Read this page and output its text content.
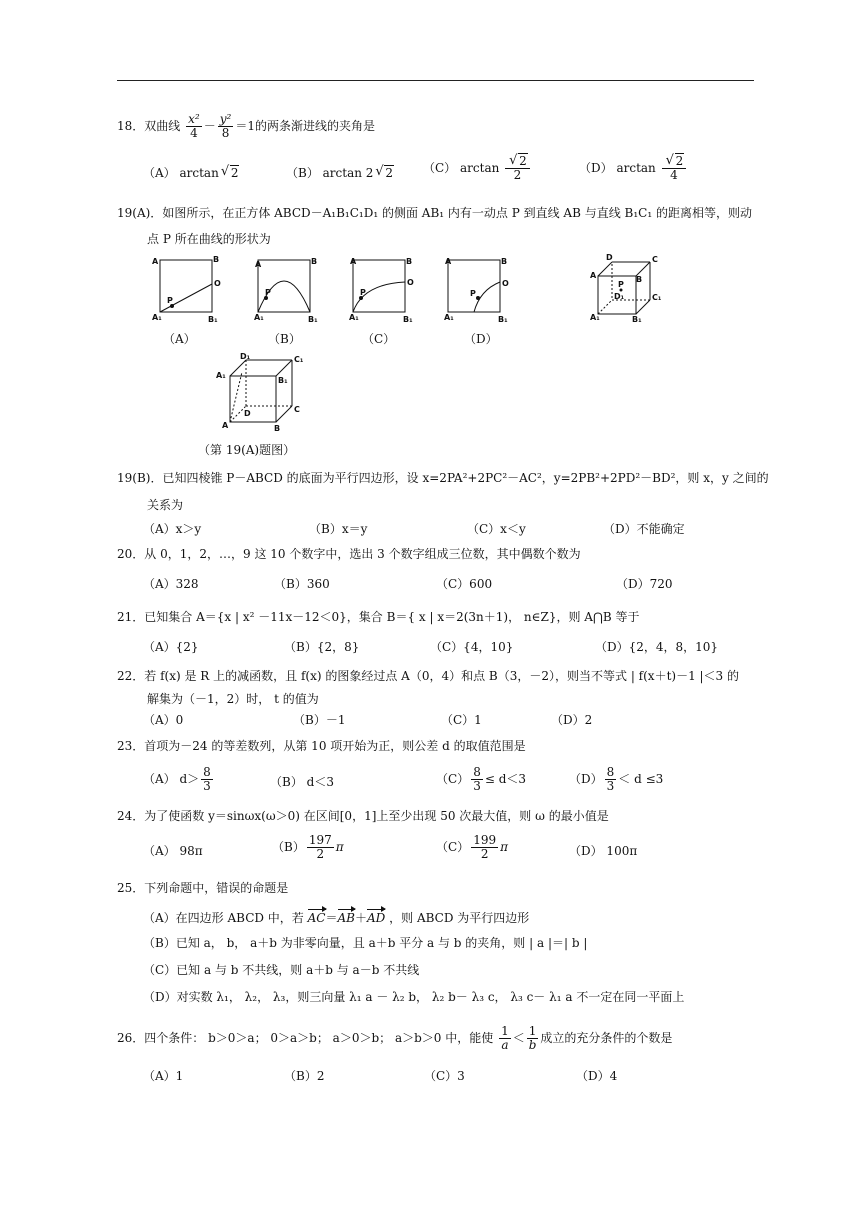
18．双曲线 $\frac{\text{x²}}{4} - \frac{\text{y²}}{8} =1$的两条渐进线的夹角是
（A） arctan √ 2	（B） arctan 2 √ 2 （C） arctan √ $\frac{2}{2}$	（D） arctan √ $\frac{2}{4}$
19(A)．如图所示，在正方体 ABCD－A₁B₁C₁D₁ 的侧面 AB₁ 内有一动点 P 到直线 AB 与直线 B₁C₁ 的距离相等，则动
点 P 所在曲线的形状为
A	B
O
P
A₁	B₁
A	B
P
A₁	B₁
A	B
O
P
A₁	B₁
A	B
O
P
A₁	B₁
（A）	（B）	（C）	（D）
D	C
A	B
P
D₁	C₁
A₁	B₁
D₁	C₁
A₁
B₁
D	C
A	B
（第 19(A)题图）
19(B)．已知四棱锥 P－ABCD 的底面为平行四边形，设 x=2PA²+2PC²－AC²，y=2PB²+2PD²－BD²，则 x，y 之间的
关系为
（A）x＞y	（B）x＝y	（C）x＜y	（D）不能确定
20．从 0，1，2，…，9 这 10 个数字中，选出 3 个数字组成三位数，其中偶数个数为
（A）328	（B）360	（C）600	（D）720
21．已知集合 A＝{x | x² －11x－12＜0}，集合 B＝{ x | x＝2(3n＋1)， n∈Z}，则 A⋂B 等于
（A）{2}	（B）{2，8}	（C）{4，10}	（D）{2，4，8，10}
22．若 f(x) 是 R 上的减函数，且 f(x) 的图象经过点 A（0，4）和点 B（3，－2），则当不等式 | f(x＋t)－1 |＜3 的
解集为（－1，2）时， t 的值为
（A）0	（B）－1	（C）1	（D）2
23．首项为－24 的等差数列，从第 10 项开始为正，则公差 d 的取值范围是
（A） $d> \frac{8}{3}$	（B） d＜3	$(C) \frac{8}{3} \le d<3$	$(D) \frac{8}{3} < d \le 3$
24．为了使函数 y＝sinωx(ω＞0) 在区间[0，1]上至少出现 50 次最大值，则 ω 的最小值是
（A） 98π	$(B) \frac{197}{2}$ π	$(C) \frac{199}{2}$ π	（D） 100π
25．下列命题中，错误的命题是
（A）在四边形 ABCD 中，若 AC＝AB＋AD ，则 ABCD 为平行四边形
（B）已知 a， b， a＋b 为非零向量，且 a＋b 平分 a 与 b 的夹角，则 | a |＝| b |
（C）已知 a 与 b 不共线，则 a＋b 与 a－b 不共线
（D）对实数 λ₁， λ₂， λ₃，则三向量 λ₁ a － λ₂ b， λ₂ b－ λ₃ c， λ₃ c－ λ₁ a 不一定在同一平面上
26．四个条件： b＞0＞a； 0＞a＞b； a＞0＞b； a＞b＞0 中，能使 $\frac{1}{a} < \frac{1}{b}$ 成立的充分条件的个数是
（A）1	（B）2	（C）3	（D）4
